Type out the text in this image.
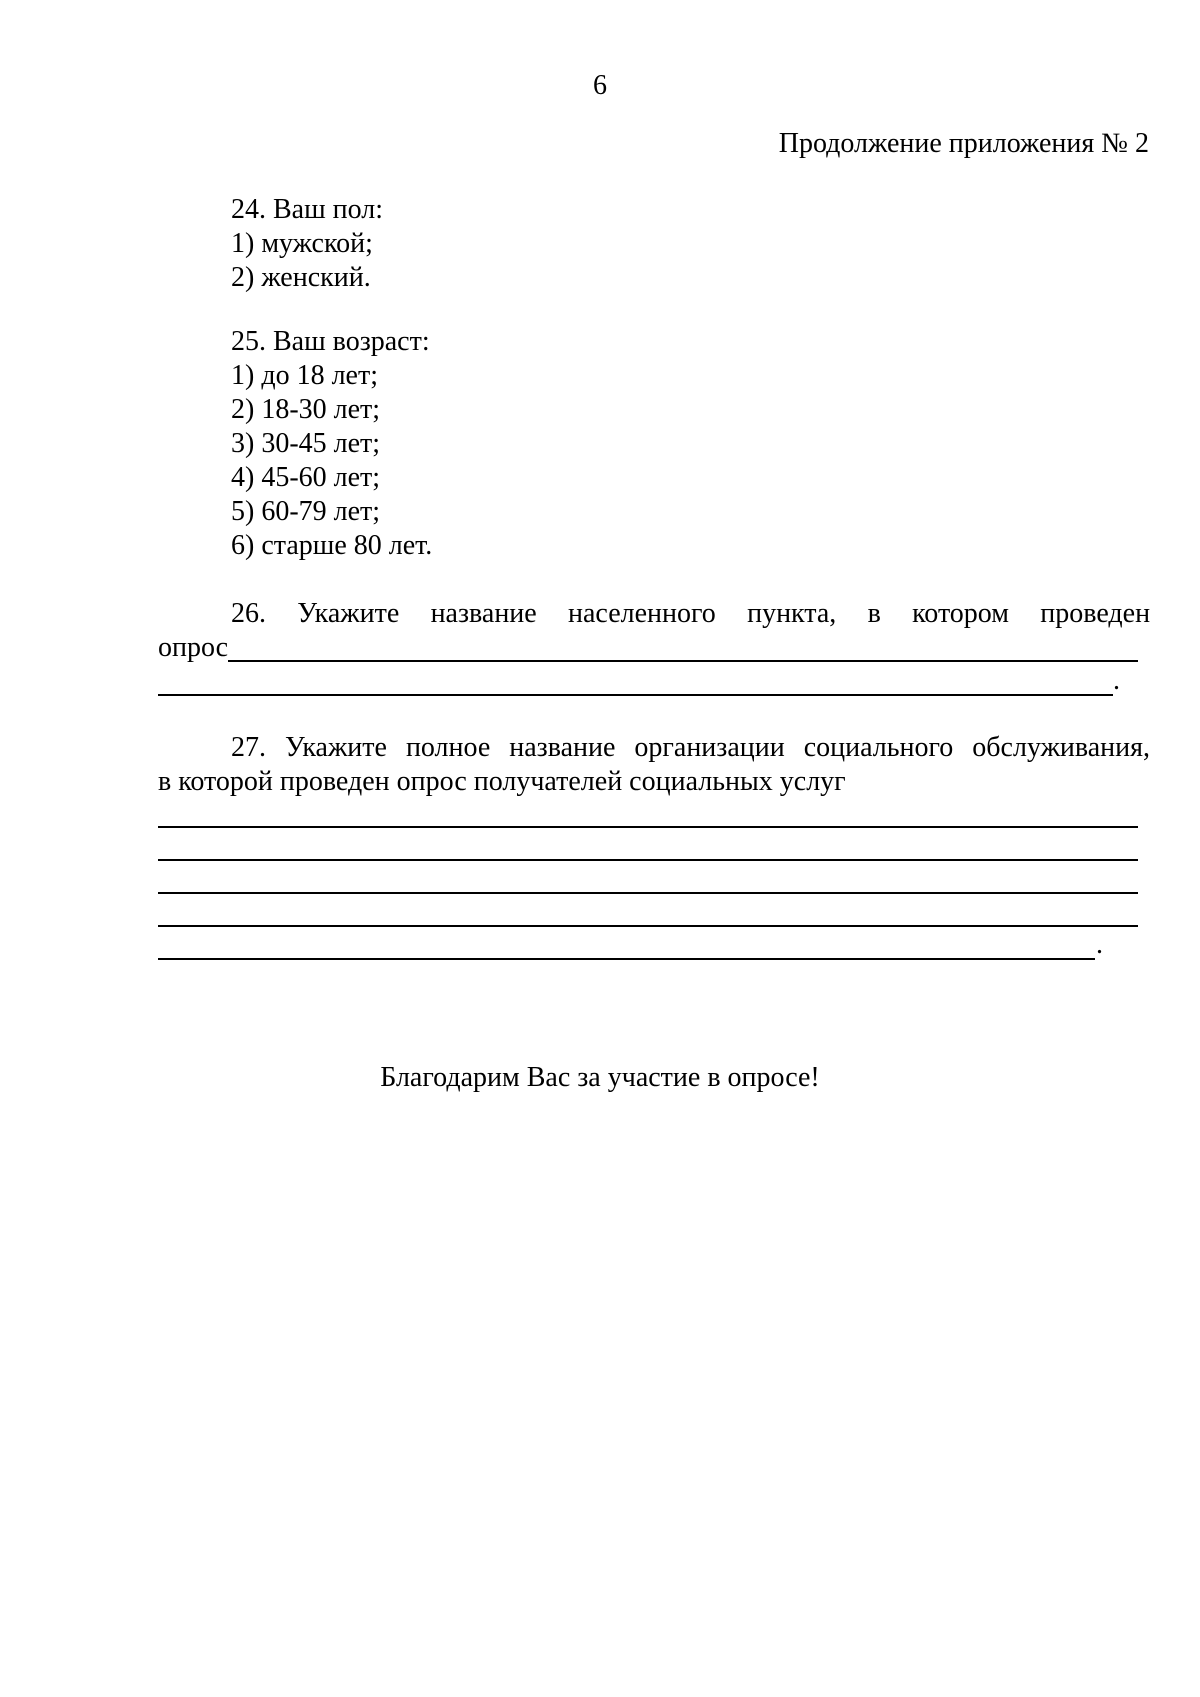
6
Продолжение приложения № 2
24. Ваш пол:
1) мужской;
2) женский.
25. Ваш возраст:
1) до 18 лет;
2) 18-30 лет;
3) 30-45 лет;
4) 45-60 лет;
5) 60-79 лет;
6) старше 80 лет.
26. Укажите название населенного пункта, в котором проведен
опрос
.
27. Укажите полное название организации социального обслуживания,
в которой проведен опрос получателей социальных услуг
.
Благодарим Вас за участие в опросе!
